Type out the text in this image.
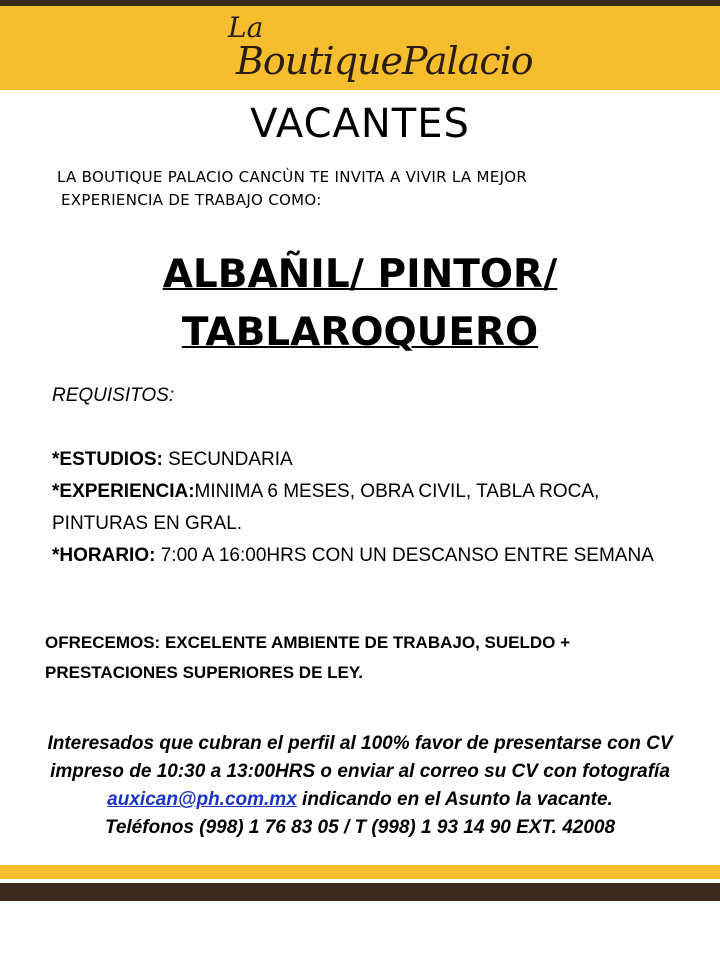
La
BoutiquePalacio
VACANTES

LA BOUTIQUE PALACIO CANCÙN TE INVITA A VIVIR LA MEJOR
EXPERIENCIA DE TRABAJO COMO:

ALBAÑIL/ PINTOR/
TABLAROQUERO

REQUISITOS:

*ESTUDIOS: SECUNDARIA

*EXPERIENCIA:MINIMA 6 MESES, OBRA CIVIL, TABLA ROCA, PINTURAS EN GRAL.

*HORARIO: 7:00 A 16:00HRS CON UN DESCANSO ENTRE SEMANA

OFRECEMOS: EXCELENTE AMBIENTE DE TRABAJO, SUELDO +
PRESTACIONES SUPERIORES DE LEY.

Interesados que cubran el perfil al 100% favor de presentarse con CV

impreso de 10:30 a 13:00HRS o enviar al correo su CV con fotografía

auxican@ph.com.mx indicando en el Asunto la vacante.

Teléfonos (998) 1 76 83 05 / T (998) 1 93 14 90 EXT. 42008
